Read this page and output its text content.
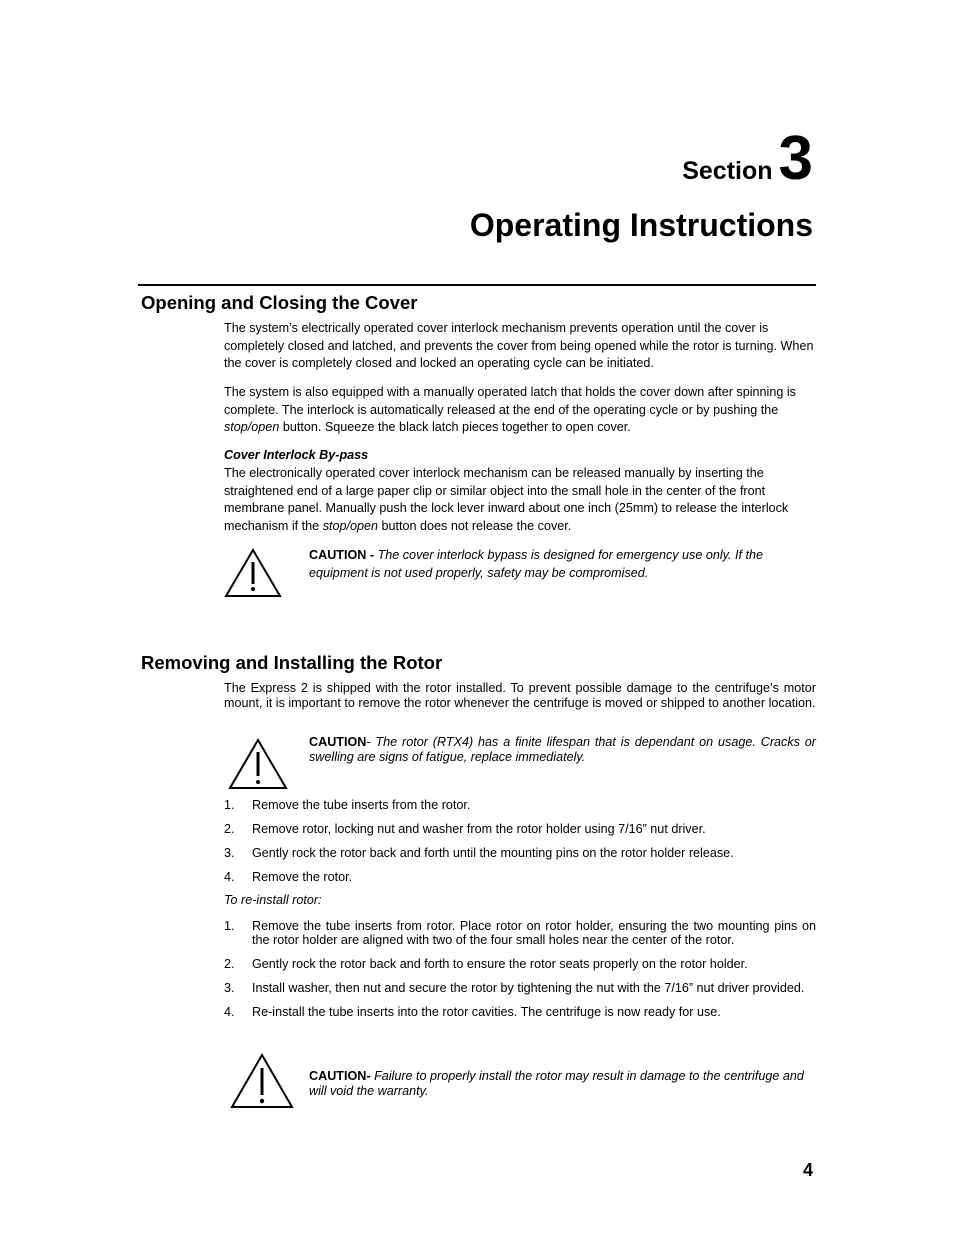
Section3
Operating Instructions
Opening and Closing the Cover
The system’s electrically operated cover interlock mechanism prevents operation until the cover is completely closed and latched, and prevents the cover from being opened while the rotor is turning. When the cover is completely closed and locked an operating cycle can be initiated.
The system is also equipped with a manually operated latch that holds the cover down after spinning is complete. The interlock is automatically released at the end of the operating cycle or by pushing the stop/open button. Squeeze the black latch pieces together to open cover.
Cover Interlock By-pass
The electronically operated cover interlock mechanism can be released manually by inserting the straightened end of a large paper clip or similar object into the small hole in the center of the front membrane panel. Manually push the lock lever inward about one inch (25mm) to release the interlock mechanism if the stop/open button does not release the cover.
CAUTION - The cover interlock bypass is designed for emergency use only. If the equipment is not used properly, safety may be compromised.
Removing and Installing the Rotor
The Express 2 is shipped with the rotor installed. To prevent possible damage to the centrifuge’s motor mount, it is important to remove the rotor whenever the centrifuge is moved or shipped to another location.
CAUTION- The rotor (RTX4) has a finite lifespan that is dependant on usage. Cracks or swelling are signs of fatigue, replace immediately.
1. Remove the tube inserts from the rotor.
2. Remove rotor, locking nut and washer from the rotor holder using 7/16” nut driver.
3. Gently rock the rotor back and forth until the mounting pins on the rotor holder release.
4. Remove the rotor.
To re-install rotor:
1. Remove the tube inserts from rotor. Place rotor on rotor holder, ensuring the two mounting pins on the rotor holder are aligned with two of the four small holes near the center of the rotor.
2. Gently rock the rotor back and forth to ensure the rotor seats properly on the rotor holder.
3. Install washer, then nut and secure the rotor by tightening the nut with the 7/16” nut driver provided.
4. Re-install the tube inserts into the rotor cavities. The centrifuge is now ready for use.
CAUTION- Failure to properly install the rotor may result in damage to the centrifuge and will void the warranty.
4
